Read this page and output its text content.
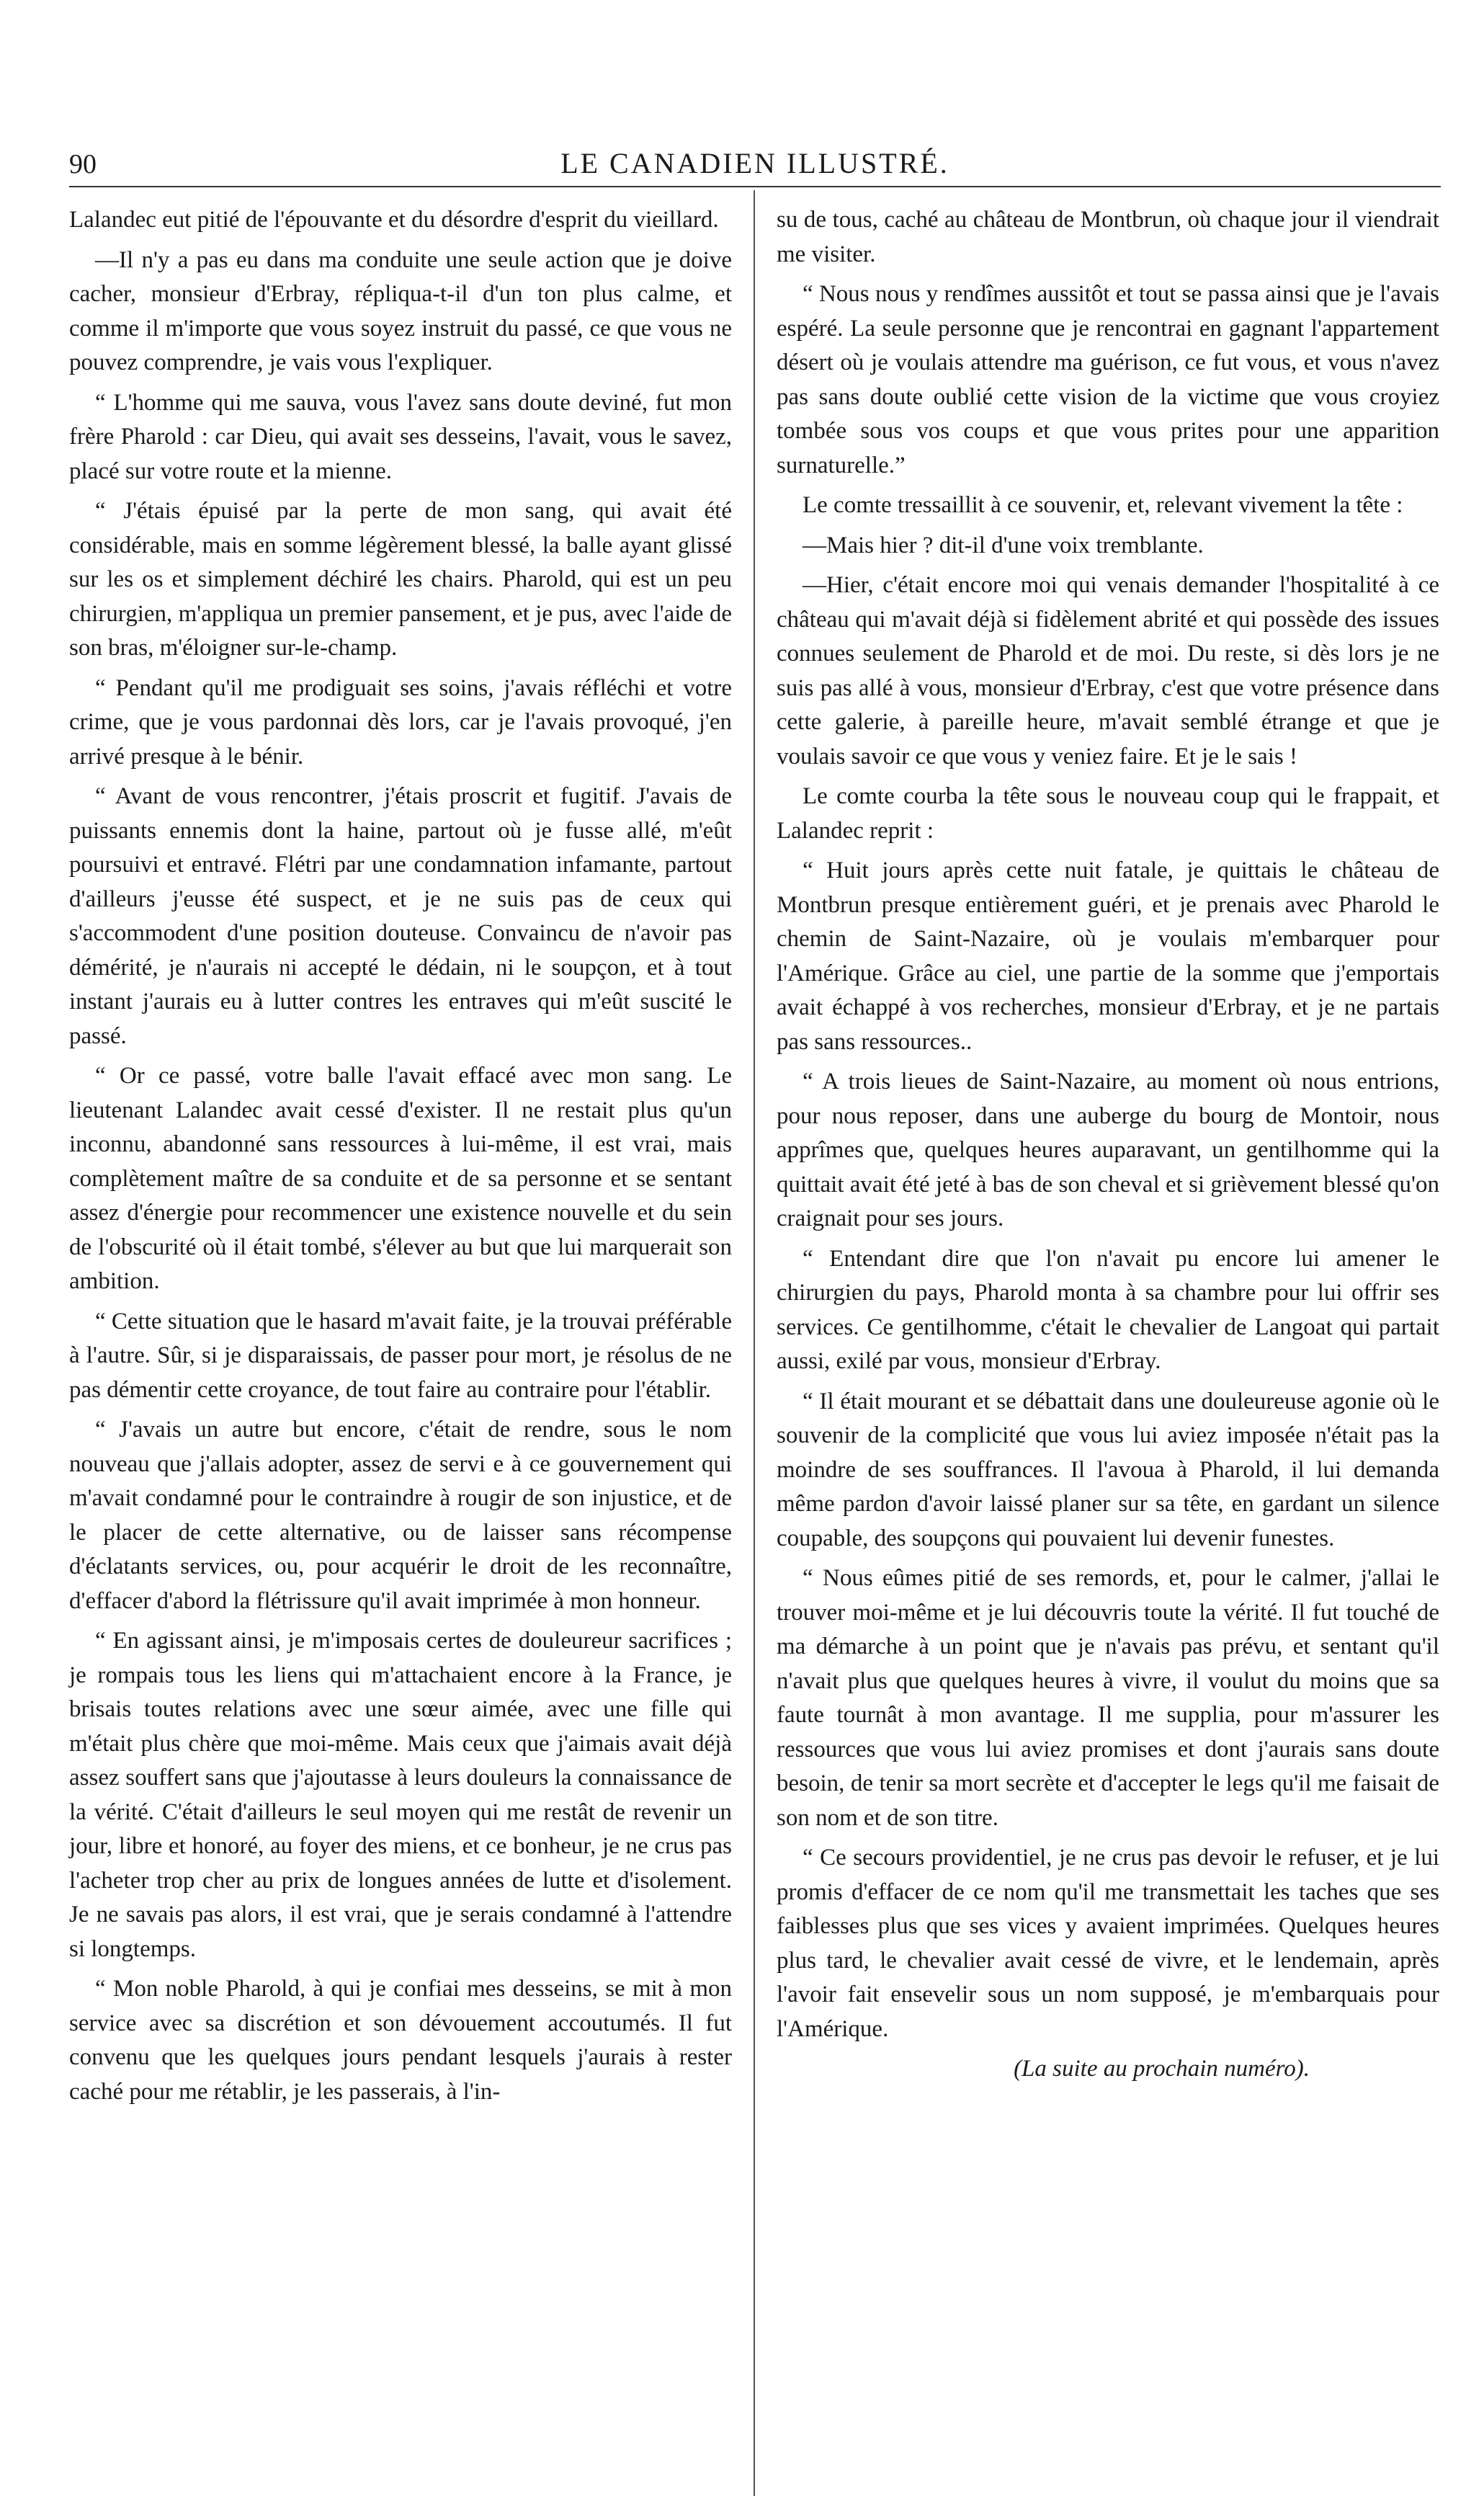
90	LE CANADIEN ILLUSTRÉ.

Lalandec eut pitié de l'épouvante et du désordre d'esprit du vieillard.

—Il n'y a pas eu dans ma conduite une seule action que je doive cacher, monsieur d'Erbray, répliqua-t-il d'un ton plus calme, et comme il m'importe que vous soyez instruit du passé, ce que vous ne pouvez comprendre, je vais vous l'expliquer.

“ L'homme qui me sauva, vous l'avez sans doute deviné, fut mon frère Pharold : car Dieu, qui avait ses desseins, l'avait, vous le savez, placé sur votre route et la mienne.

“ J'étais épuisé par la perte de mon sang, qui avait été considérable, mais en somme légèrement blessé, la balle ayant glissé sur les os et simplement déchiré les chairs. Pharold, qui est un peu chirurgien, m'appliqua un premier pansement, et je pus, avec l'aide de son bras, m'éloigner sur-le-champ.

“ Pendant qu'il me prodiguait ses soins, j'avais réfléchi et votre crime, que je vous pardonnai dès lors, car je l'avais provoqué, j'en arrivé presque à le bénir.

“ Avant de vous rencontrer, j'étais proscrit et fugitif. J'avais de puissants ennemis dont la haine, partout où je fusse allé, m'eût poursuivi et entravé. Flétri par une condamnation infamante, partout d'ailleurs j'eusse été suspect, et je ne suis pas de ceux qui s'accommodent d'une position douteuse. Convaincu de n'avoir pas démérité, je n'aurais ni accepté le dédain, ni le soupçon, et à tout instant j'aurais eu à lutter contres les entraves qui m'eût suscité le passé.

“ Or ce passé, votre balle l'avait effacé avec mon sang. Le lieutenant Lalandec avait cessé d'exister. Il ne restait plus qu'un inconnu, abandonné sans ressources à lui-même, il est vrai, mais complètement maître de sa conduite et de sa personne et se sentant assez d'énergie pour recommencer une existence nouvelle et du sein de l'obscurité où il était tombé, s'élever au but que lui marquerait son ambition.

“ Cette situation que le hasard m'avait faite, je la trouvai préférable à l'autre. Sûr, si je disparaissais, de passer pour mort, je résolus de ne pas démentir cette croyance, de tout faire au contraire pour l'établir.

“ J'avais un autre but encore, c'était de rendre, sous le nom nouveau que j'allais adopter, assez de servi e à ce gouvernement qui m'avait condamné pour le contraindre à rougir de son injustice, et de le placer de cette alternative, ou de laisser sans récompense d'éclatants services, ou, pour acquérir le droit de les reconnaître, d'effacer d'abord la flétrissure qu'il avait imprimée à mon honneur.

“ En agissant ainsi, je m'imposais certes de douleureur sacrifices ; je rompais tous les liens qui m'attachaient encore à la France, je brisais toutes relations avec une sœur aimée, avec une fille qui m'était plus chère que moi-même. Mais ceux que j'aimais avait déjà assez souffert sans que j'ajoutasse à leurs douleurs la connaissance de la vérité. C'était d'ailleurs le seul moyen qui me restât de revenir un jour, libre et honoré, au foyer des miens, et ce bonheur, je ne crus pas l'acheter trop cher au prix de longues années de lutte et d'isolement. Je ne savais pas alors, il est vrai, que je serais condamné à l'attendre si longtemps.

“ Mon noble Pharold, à qui je confiai mes desseins, se mit à mon service avec sa discrétion et son dévouement accoutumés. Il fut convenu que les quelques jours pendant lesquels j'aurais à rester caché pour me rétablir, je les passerais, à l'in-

su de tous, caché au château de Montbrun, où chaque jour il viendrait me visiter.

“ Nous nous y rendîmes aussitôt et tout se passa ainsi que je l'avais espéré. La seule personne que je rencontrai en gagnant l'appartement désert où je voulais attendre ma guérison, ce fut vous, et vous n'avez pas sans doute oublié cette vision de la victime que vous croyiez tombée sous vos coups et que vous prites pour une apparition surnaturelle.”

Le comte tressaillit à ce souvenir, et, relevant vivement la tête :

—Mais hier ? dit-il d'une voix tremblante.

—Hier, c'était encore moi qui venais demander l'hospitalité à ce château qui m'avait déjà si fidèlement abrité et qui possède des issues connues seulement de Pharold et de moi. Du reste, si dès lors je ne suis pas allé à vous, monsieur d'Erbray, c'est que votre présence dans cette galerie, à pareille heure, m'avait semblé étrange et que je voulais savoir ce que vous y veniez faire. Et je le sais !

Le comte courba la tête sous le nouveau coup qui le frappait, et Lalandec reprit :

“ Huit jours après cette nuit fatale, je quittais le château de Montbrun presque entièrement guéri, et je prenais avec Pharold le chemin de Saint-Nazaire, où je voulais m'embarquer pour l'Amérique. Grâce au ciel, une partie de la somme que j'emportais avait échappé à vos recherches, monsieur d'Erbray, et je ne partais pas sans ressources..

“ A trois lieues de Saint-Nazaire, au moment où nous entrions, pour nous reposer, dans une auberge du bourg de Montoir, nous apprîmes que, quelques heures auparavant, un gentilhomme qui la quittait avait été jeté à bas de son cheval et si grièvement blessé qu'on craignait pour ses jours.

“ Entendant dire que l'on n'avait pu encore lui amener le chirurgien du pays, Pharold monta à sa chambre pour lui offrir ses services. Ce gentilhomme, c'était le chevalier de Langoat qui partait aussi, exilé par vous, monsieur d'Erbray.

“ Il était mourant et se débattait dans une douleureuse agonie où le souvenir de la complicité que vous lui aviez imposée n'était pas la moindre de ses souffrances. Il l'avoua à Pharold, il lui demanda même pardon d'avoir laissé planer sur sa tête, en gardant un silence coupable, des soupçons qui pouvaient lui devenir funestes.

“ Nous eûmes pitié de ses remords, et, pour le calmer, j'allai le trouver moi-même et je lui découvris toute la vérité. Il fut touché de ma démarche à un point que je n'avais pas prévu, et sentant qu'il n'avait plus que quelques heures à vivre, il voulut du moins que sa faute tournât à mon avantage. Il me supplia, pour m'assurer les ressources que vous lui aviez promises et dont j'aurais sans doute besoin, de tenir sa mort secrète et d'accepter le legs qu'il me faisait de son nom et de son titre.

“ Ce secours providentiel, je ne crus pas devoir le refuser, et je lui promis d'effacer de ce nom qu'il me transmettait les taches que ses faiblesses plus que ses vices y avaient imprimées. Quelques heures plus tard, le chevalier avait cessé de vivre, et le lendemain, après l'avoir fait ensevelir sous un nom supposé, je m'embarquais pour l'Amérique.

(La suite au prochain numéro).
